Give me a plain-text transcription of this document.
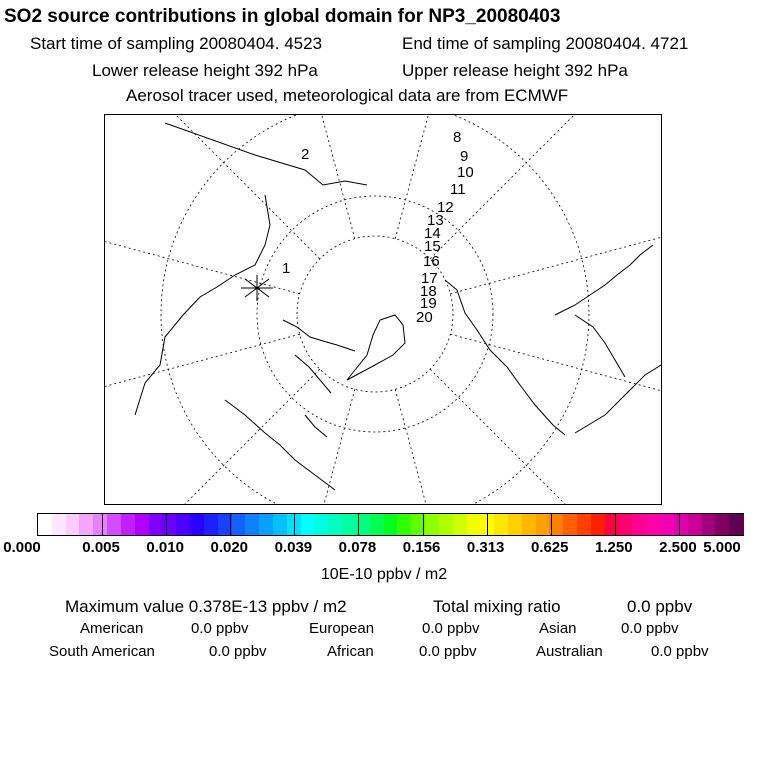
SO2 source contributions in global domain for NP3_20080403
Start time of sampling 20080404. 4523	End time of sampling 20080404. 4721
Lower release height 392 hPa	Upper release height 392 hPa
Aerosol tracer used, meteorological data are from ECMWF
1
2
8
9
10
11
12
13
14
15
16
17
18
19
20
0.000	0.005 0.010 0.020 0.039 0.078 0.156 0.313 0.625 1.250 2.500 5.000
10E-10 ppbv / m2
Maximum value 0.378E-13 ppbv / m2	Total mixing ratio	0.0 ppbv
American	0.0 ppbv	European	0.0 ppbv	Asian	0.0 ppbv
South American	0.0 ppbv	African	0.0 ppbv	Australian	0.0 ppbv
